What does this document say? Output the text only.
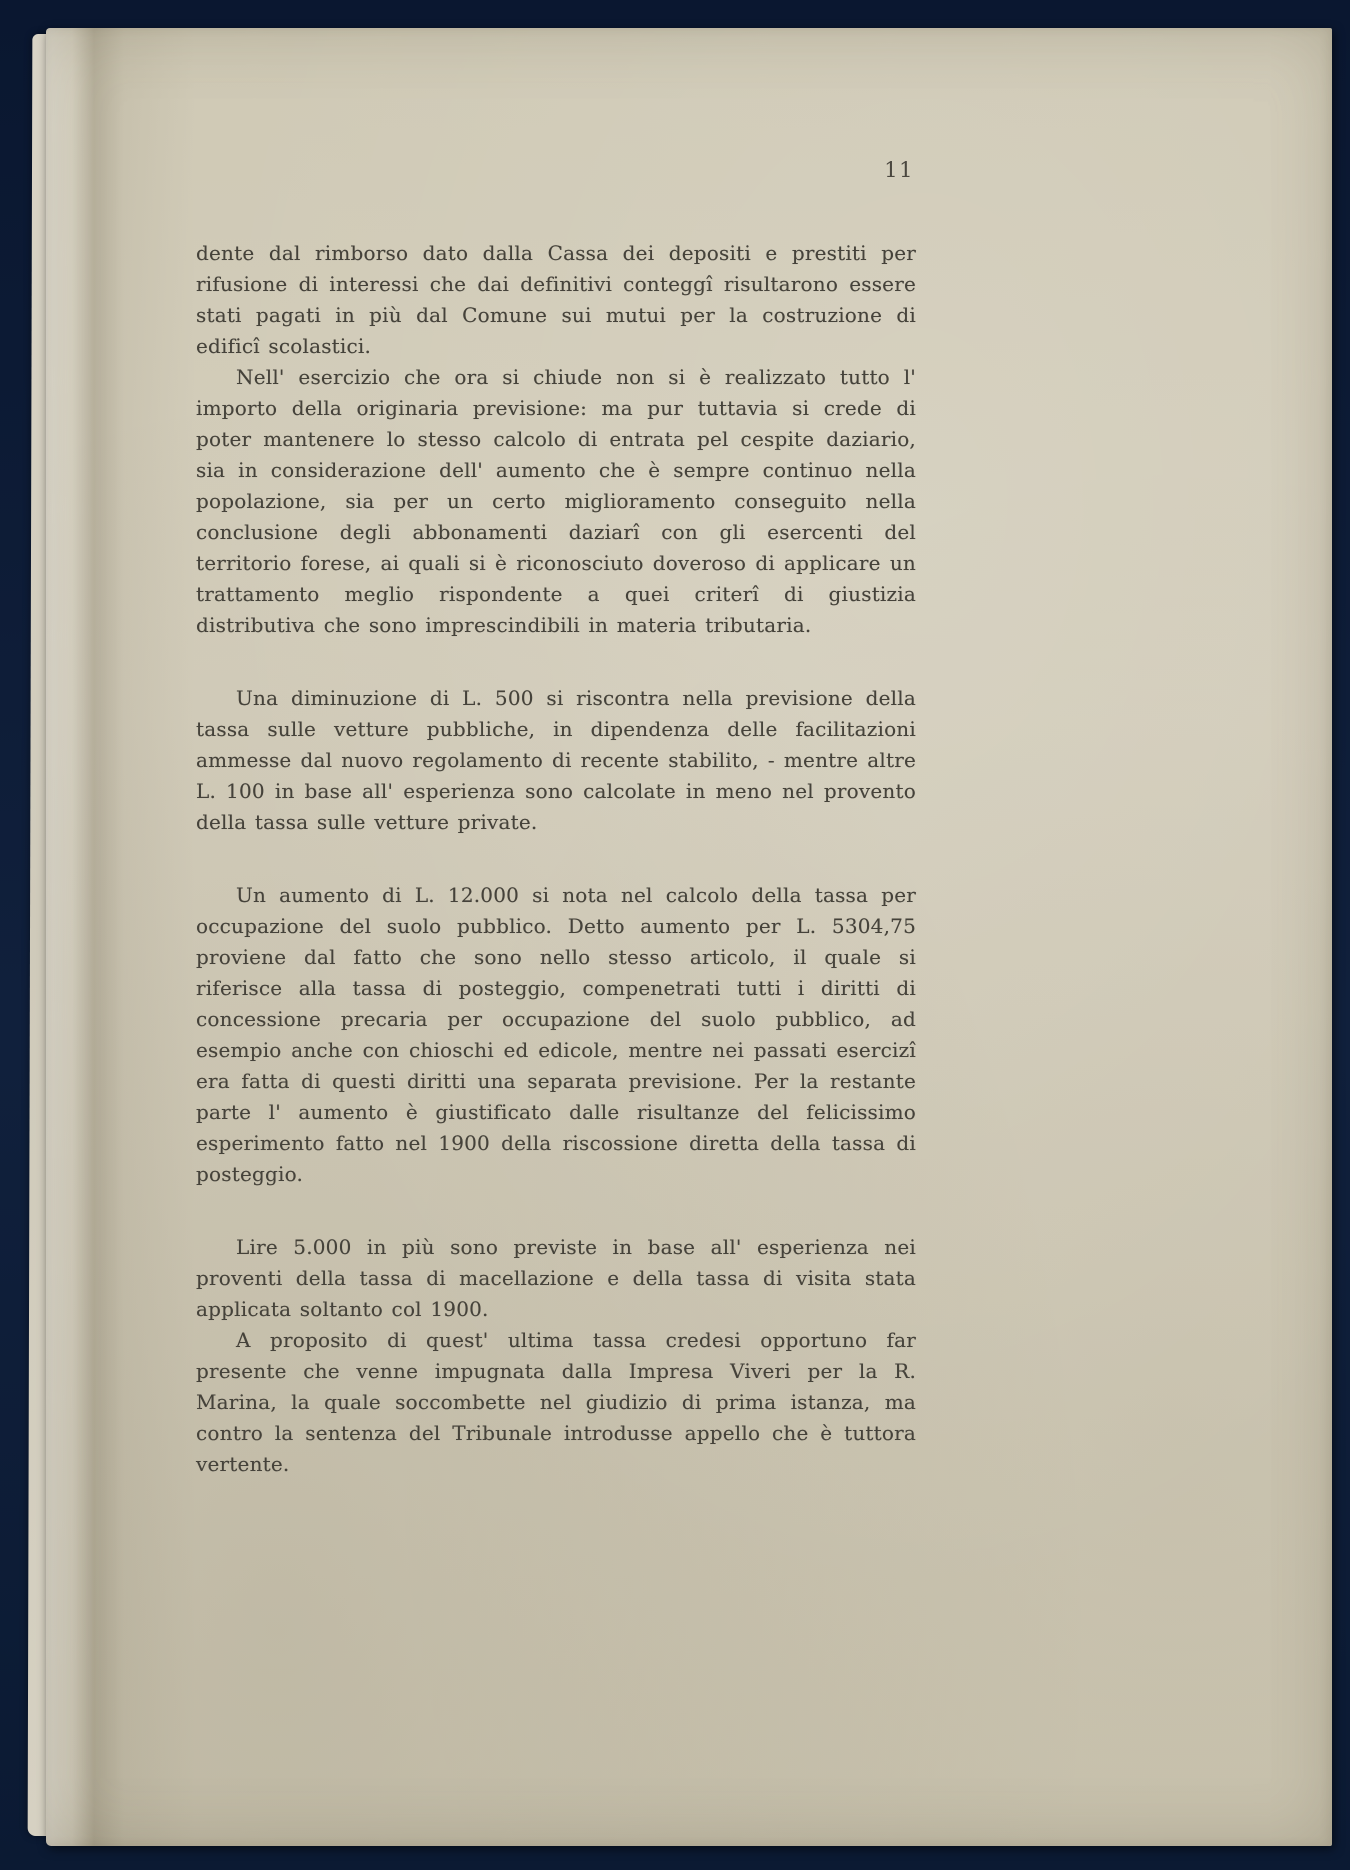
11

dente dal rimborso dato dalla Cassa dei depositi e prestiti per rifusione di interessi che dai definitivi conteggî risultarono essere stati pagati in più dal Comune sui mutui per la costruzione di edificî scolastici.

Nell' esercizio che ora si chiude non si è realizzato tutto l' importo della originaria previsione: ma pur tuttavia si crede di poter mantenere lo stesso calcolo di entrata pel cespite daziario, sia in considerazione dell' aumento che è sempre continuo nella popolazione, sia per un certo miglioramento conseguito nella conclusione degli abbonamenti daziarî con gli esercenti del territorio forese, ai quali si è riconosciuto doveroso di applicare un trattamento meglio rispondente a quei criterî di giustizia distributiva che sono imprescindibili in materia tributaria.

Una diminuzione di L. 500 si riscontra nella previsione della tassa sulle vetture pubbliche, in dipendenza delle facilitazioni ammesse dal nuovo regolamento di recente stabilito, - mentre altre L. 100 in base all' esperienza sono calcolate in meno nel provento della tassa sulle vetture private.

Un aumento di L. 12.000 si nota nel calcolo della tassa per occupazione del suolo pubblico. Detto aumento per L. 5304,75 proviene dal fatto che sono nello stesso articolo, il quale si riferisce alla tassa di posteggio, compenetrati tutti i diritti di concessione precaria per occupazione del suolo pubblico, ad esempio anche con chioschi ed edicole, mentre nei passati esercizî era fatta di questi diritti una separata previsione. Per la restante parte l' aumento è giustificato dalle risultanze del felicissimo esperimento fatto nel 1900 della riscossione diretta della tassa di posteggio.

Lire 5.000 in più sono previste in base all' esperienza nei proventi della tassa di macellazione e della tassa di visita stata applicata soltanto col 1900.

A proposito di quest' ultima tassa credesi opportuno far presente che venne impugnata dalla Impresa Viveri per la R. Marina, la quale soccombette nel giudizio di prima istanza, ma contro la sentenza del Tribunale introdusse appello che è tuttora vertente.
